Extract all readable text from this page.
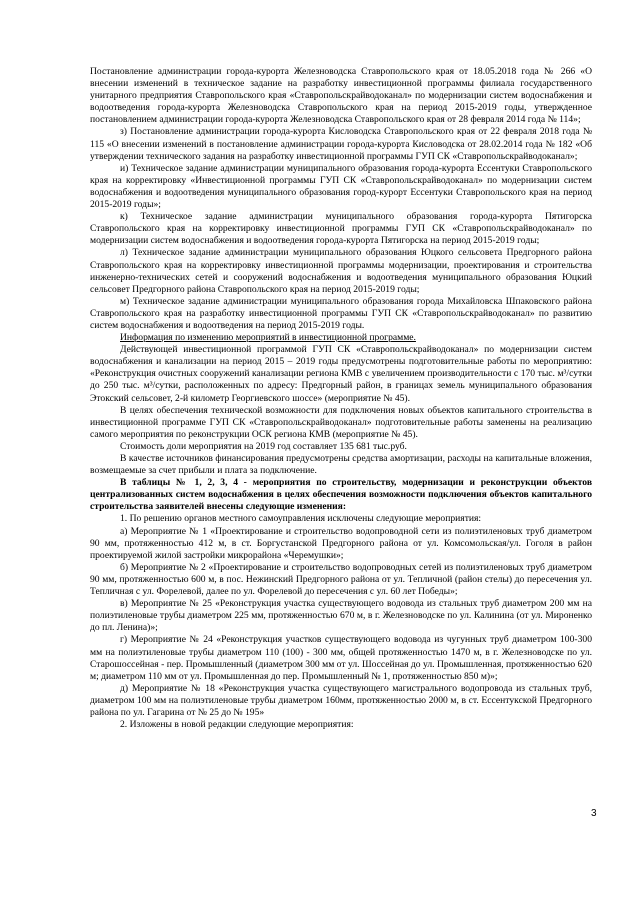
Постановление администрации города-курорта Железноводска Ставропольского края от 18.05.2018 года № 266 «О внесении изменений в техническое задание на разработку инвестиционной программы филиала государственного унитарного предприятия Ставропольского края «Ставропольскрайводоканал» по модернизации систем водоснабжения и водоотведения города-курорта Железноводска Ставропольского края на период 2015-2019 годы, утвержденное постановлением администрации города-курорта Железноводска Ставропольского края от 28 февраля 2014 года № 114»;

з) Постановление администрации города-курорта Кисловодска Ставропольского края от 22 февраля 2018 года № 115 «О внесении изменений в постановление администрации города-курорта Кисловодска от 28.02.2014 года № 182 «Об утверждении технического задания на разработку инвестиционной программы ГУП СК «Ставропольскрайводоканал»;

и) Техническое задание администрации муниципального образования города-курорта Ессентуки Ставропольского края на корректировку «Инвестиционной программы ГУП СК «Ставропольскрайводоканал» по модернизации систем водоснабжения и водоотведения муниципального образования город-курорт Ессентуки Ставропольского края на период 2015-2019 годы»;

к) Техническое задание администрации муниципального образования города-курорта Пятигорска Ставропольского края на корректировку инвестиционной программы ГУП СК «Ставропольскрайводоканал» по модернизации систем водоснабжения и водоотведения города-курорта Пятигорска на период 2015-2019 годы;

л) Техническое задание администрации муниципального образования Юцкого сельсовета Предгорного района Ставропольского края на корректировку инвестиционной программы модернизации, проектирования и строительства инженерно-технических сетей и сооружений водоснабжения и водоотведения муниципального образования Юцкий сельсовет Предгорного района Ставропольского края на период 2015-2019 годы;

м) Техническое задание администрации муниципального образования города Михайловска Шпаковского района Ставропольского края на разработку инвестиционной программы ГУП СК «Ставропольскрайводоканал» по развитию систем водоснабжения и водоотведения на период 2015-2019 годы.

Информация по изменению мероприятий в инвестиционной программе.

Действующей инвестиционной программой ГУП СК «Ставропольскрайводоканал» по модернизации систем водоснабжения и канализации на период 2015 – 2019 годы предусмотрены подготовительные работы по мероприятию: «Реконструкция очистных сооружений канализации региона КМВ с увеличением производительности с 170 тыс. м³/сутки до 250 тыс. м³/сутки, расположенных по адресу: Предгорный район, в границах земель муниципального образования Этокский сельсовет, 2-й километр Георгиевского шоссе» (мероприятие № 45).

В целях обеспечения технической возможности для подключения новых объектов капитального строительства в инвестиционной программе ГУП СК «Ставропольскрайводоканал» подготовительные работы заменены на реализацию самого мероприятия по реконструкции ОСК региона КМВ (мероприятие № 45).

Стоимость доли мероприятия на 2019 год составляет 135 681 тыс.руб.

В качестве источников финансирования предусмотрены средства амортизации, расходы на капитальные вложения, возмещаемые за счет прибыли и плата за подключение.

В таблицы № 1, 2, 3, 4 - мероприятия по строительству, модернизации и реконструкции объектов централизованных систем водоснабжения в целях обеспечения возможности подключения объектов капитального строительства заявителей внесены следующие изменения:

1. По решению органов местного самоуправления исключены следующие мероприятия:

а) Мероприятие № 1 «Проектирование и строительство водопроводной сети из полиэтиленовых труб диаметром 90 мм, протяженностью 412 м, в ст. Боргустанской Предгорного района от ул. Комсомольская/ул. Гоголя в район проектируемой жилой застройки микрорайона «Черемушки»;

б) Мероприятие № 2 «Проектирование и строительство водопроводных сетей из полиэтиленовых труб диаметром 90 мм, протяженностью 600 м, в пос. Нежинский Предгорного района от ул. Тепличной (район стелы) до пересечения ул. Тепличная с ул. Форелевой, далее по ул. Форелевой до пересечения с ул. 60 лет Победы»;

в) Мероприятие № 25 «Реконструкция участка существующего водовода из стальных труб диаметром 200 мм на полиэтиленовые трубы диаметром 225 мм, протяженностью 670 м, в г. Железноводске по ул. Калинина (от ул. Мироненко до пл. Ленина)»;

г) Мероприятие № 24 «Реконструкция участков существующего водовода из чугунных труб диаметром 100-300 мм на полиэтиленовые трубы диаметром 110 (100) - 300 мм, общей протяженностью 1470 м, в г. Железноводске по ул. Старошоссейная - пер. Промышленный (диаметром 300 мм от ул. Шоссейная до ул. Промышленная, протяженностью 620 м; диаметром 110 мм от ул. Промышленная до пер. Промышленный № 1, протяженностью 850 м)»;

д) Мероприятие № 18 «Реконструкция участка существующего магистрального водопровода из стальных труб, диаметром 100 мм на полиэтиленовые трубы диаметром 160мм, протяженностью 2000 м, в ст. Ессентукской Предгорного района по ул. Гагарина от № 25 до № 195»

2. Изложены в новой редакции следующие мероприятия:

3
